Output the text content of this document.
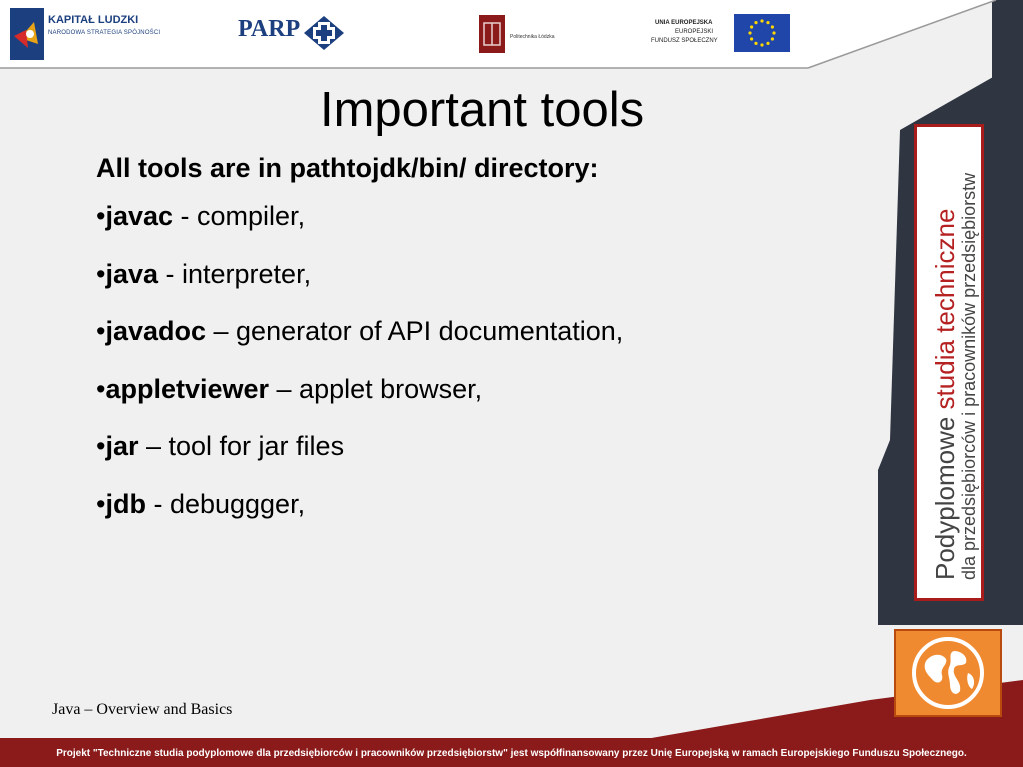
KAPITAŁ LUDZKI
NARODOWA STRATEGIA SPÓJNOŚCI	PARP	Politechnika Łódzka
UNIA EUROPEJSKA
EUROPEJSKI
FUNDUSZ SPOŁECZNY
Important tools
All tools are in pathtojdk/bin/ directory:
•javac - compiler,
•java - interpreter,
•javadoc – generator of API documentation,
•appletviewer – applet browser,
•jar – tool for jar files
•jdb - debuggger,	Podyplomowe studia techniczne dla przedsiębiorców i pracowników przedsiębiorstw
Java – Overview and Basics
Projekt "Techniczne studia podyplomowe dla przedsiębiorców i pracowników przedsiębiorstw" jest współfinansowany przez Unię Europejską w ramach Europejskiego Funduszu Społecznego.
